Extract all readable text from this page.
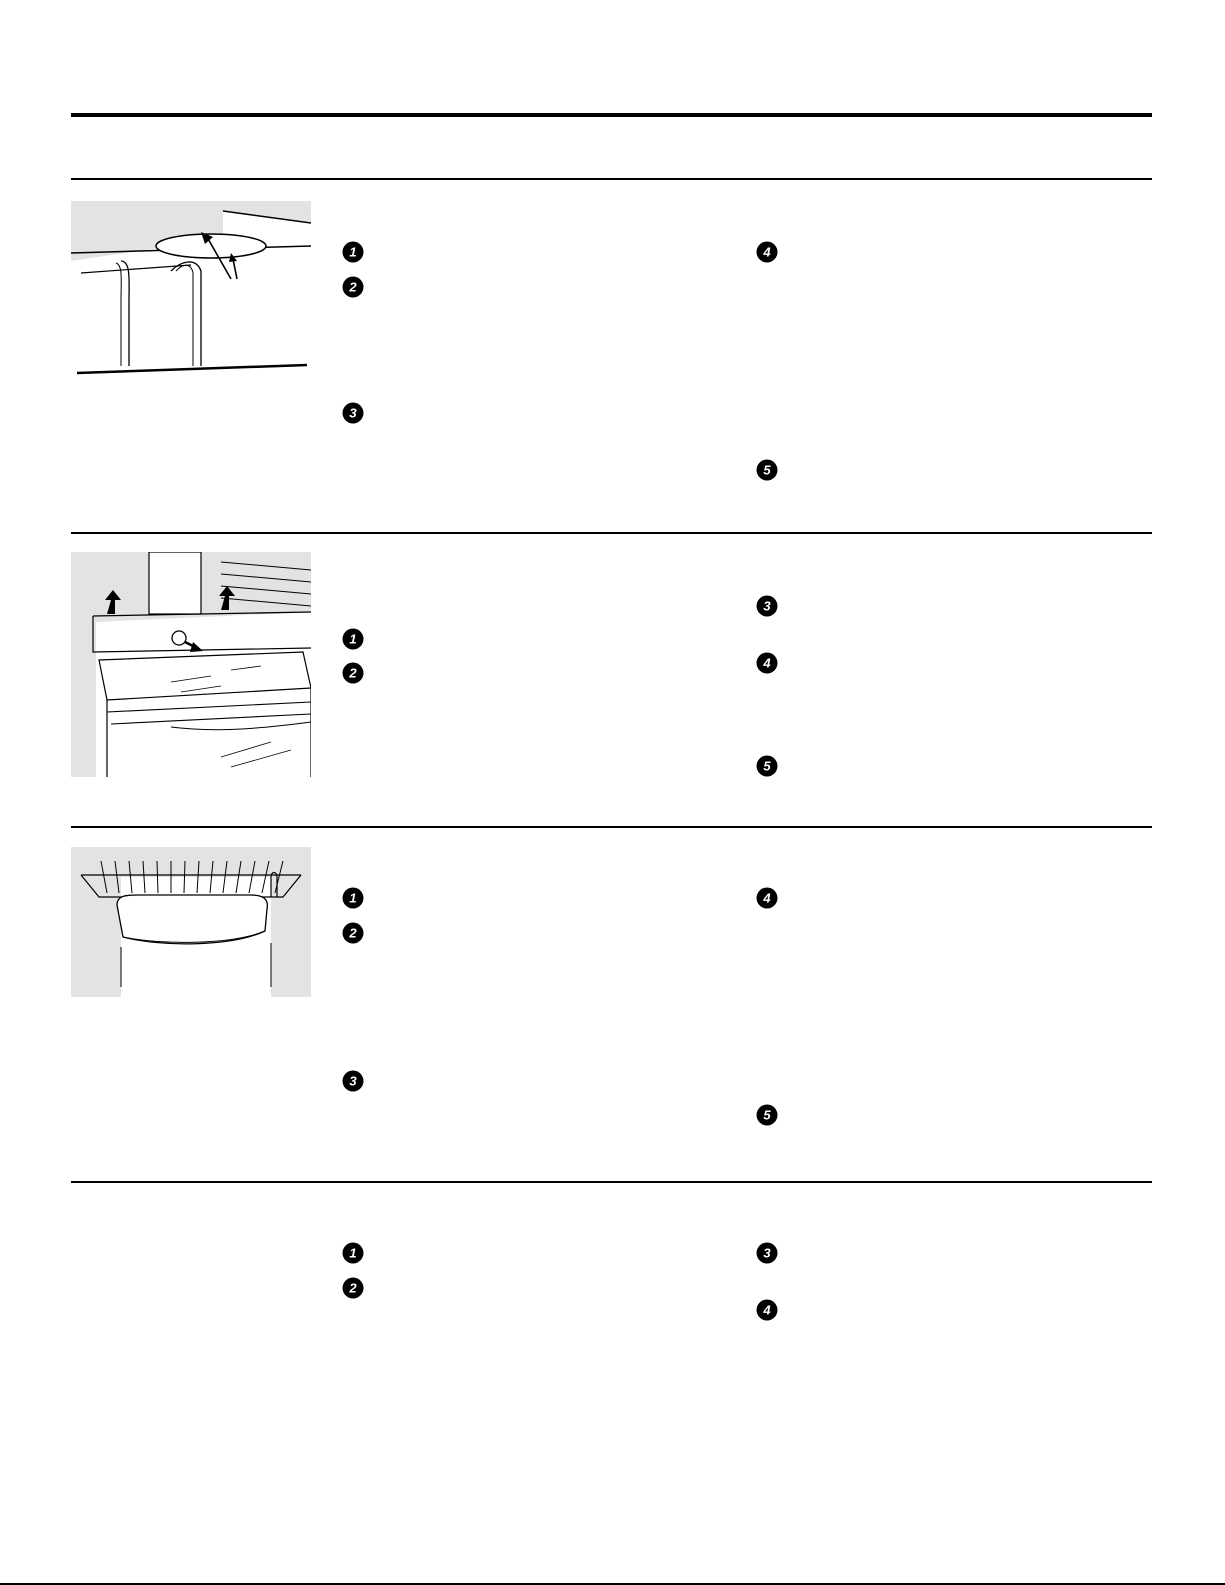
1
2
3
4
5
1
2
3
4
5
1
2
3
4
5
1
2
3
4
